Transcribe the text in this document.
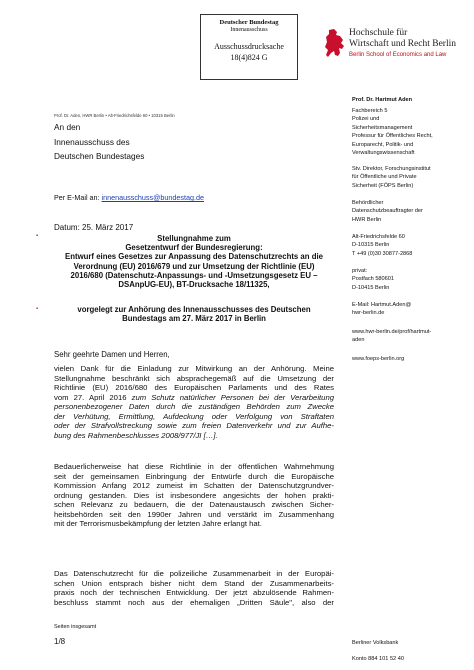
Deutscher Bundestag
Innenausschuss
Ausschussdrucksache
18(4)824 G
Hochschule für
Wirtschaft und Recht Berlin
Berlin School of Economics and Law
Prof. Dr. Aden, HWR Berlin • Alt-Friedrichsfelde 60 • 10315 Berlin
An den
Innenausschuss des
Deutschen Bundestages
Per E-Mail an: innenausschuss@bundestag.de
Datum: 25. März 2017
▪	Stellungnahme zum
Gesetzentwurf der Bundesregierung:
Entwurf eines Gesetzes zur Anpassung des Datenschutzrechts an die
Verordnung (EU) 2016/679 und zur Umsetzung der Richtlinie (EU)
2016/680 (Datenschutz-Anpassungs- und -Umsetzungsgesetz EU –
DSAnpUG-EU), BT-Drucksache 18/11325,
▪	vorgelegt zur Anhörung des Innenausschusses des Deutschen
Bundestags am 27. März 2017 in Berlin
Sehr geehrte Damen und Herren,
vielen Dank für die Einladung zur Mitwirkung an der Anhörung. Meine
Stellungnahme beschränkt sich absprachegemäß auf die Umsetzung der
Richtlinie (EU) 2016/680 des Europäischen Parlaments und des Rates
vom 27. April 2016 zum Schutz natürlicher Personen bei der Verarbeitung
personenbezogener Daten durch die zuständigen Behörden zum Zwecke
der Verhütung, Ermittlung, Aufdeckung oder Verfolgung von Straftaten
oder der Strafvollstreckung sowie zum freien Datenverkehr und zur Aufhe-
bung des Rahmenbeschlusses 2008/977/JI […].
Bedauerlicherweise hat diese Richtlinie in der öffentlichen Wahrnehmung
seit der gemeinsamen Einbringung der Entwürfe durch die Europäische
Kommission Anfang 2012 zumeist im Schatten der Datenschutzgrundver-
ordnung gestanden. Dies ist insbesondere angesichts der hohen prakti-
schen Relevanz zu bedauern, die der Datenaustausch zwischen Sicher-
heitsbehörden seit den 1990er Jahren und verstärkt im Zusammenhang
mit der Terrorismusbekämpfung der letzten Jahre erlangt hat.
Das Datenschutzrecht für die polizeiliche Zusammenarbeit in der Europäi-
schen Union entsprach bisher nicht dem Stand der Zusammenarbeits-
praxis noch der technischen Entwicklung. Der jetzt abzulösende Rahmen-
beschluss stammt noch aus der ehemaligen „Dritten Säule", also der
Seiten insgesamt
1/8
Prof. Dr. Hartmut Aden
Fachbereich 5
Polizei und
Sicherheitsmanagement
Professur für Öffentliches Recht,
Europarecht, Politik- und
Verwaltungswissenschaft
Stv. Direktor, Forschungsinstitut
für Öffentliche und Private
Sicherheit (FÖPS Berlin)
Behördlicher
Datenschutzbeauftragter der
HWR Berlin
Alt-Friedrichsfelde 60
D-10315 Berlin
T +49 (0)30 30877-2868
privat:
Postfach 580601
D-10415 Berlin
E-Mail: Hartmut.Aden@
hwr-berlin.de
www.hwr-berlin.de/prof/hartmut-
aden
www.foeps-berlin.org
Berliner Volksbank
Konto 884 101 52 40
